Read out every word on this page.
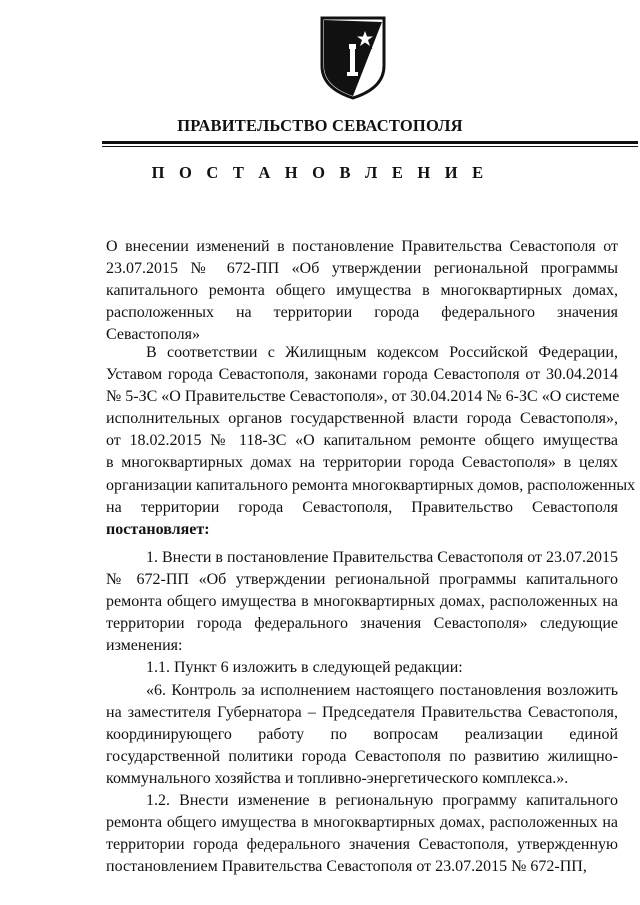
ПРАВИТЕЛЬСТВО СЕВАСТОПОЛЯ
П О С Т А Н О В Л Е Н И Е

О внесении изменений в постановление Правительства Севастополя от 23.07.2015 № 672-ПП «Об утверждении региональной программы капитального ремонта общего имущества в многоквартирных домах, расположенных на территории города федерального значения Севастополя»

В соответствии с Жилищным кодексом Российской Федерации,
Уставом города Севастополя, законами города Севастополя от 30.04.2014
№ 5-ЗС «О Правительстве Севастополя», от 30.04.2014 № 6-ЗС «О системе
исполнительных органов государственной власти города Севастополя»,
от 18.02.2015 № 118-ЗС «О капитальном ремонте общего имущества
в многоквартирных домах на территории города Севастополя» в целях
организации капитального ремонта многоквартирных домов, расположенных
на территории города Севастополя, Правительство Севастополя
постановляет:

1. Внести в постановление Правительства Севастополя от 23.07.2015 № 672-ПП «Об утверждении региональной программы капитального ремонта общего имущества в многоквартирных домах, расположенных на территории города федерального значения Севастополя» следующие изменения:

1.1. Пункт 6 изложить в следующей редакции:

«6. Контроль за исполнением настоящего постановления возложить на заместителя Губернатора – Председателя Правительства Севастополя, координирующего работу по вопросам реализации единой государственной политики города Севастополя по развитию жилищно-коммунального хозяйства и топливно-энергетического комплекса.».

1.2. Внести изменение в региональную программу капитального ремонта общего имущества в многоквартирных домах, расположенных на территории города федерального значения Севастополя, утвержденную постановлением Правительства Севастополя от 23.07.2015 № 672-ПП,
